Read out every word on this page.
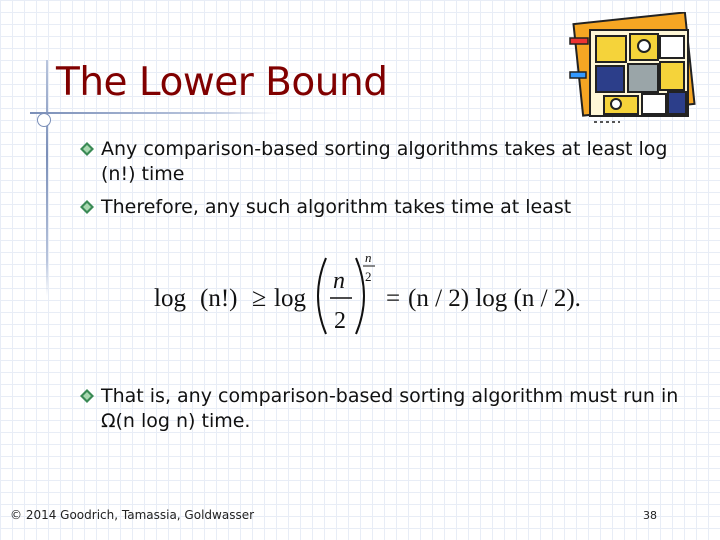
The Lower Bound
Any comparison-based sorting algorithms takes at least log (n!) time
Therefore, any such algorithm takes time at least
log (n!) ≥ log
n
2
n
2
= (n / 2) log (n / 2).
That is, any comparison-based sorting algorithm must run in Ω(n log n) time.
© 2014 Goodrich, Tamassia, Goldwasser	38
